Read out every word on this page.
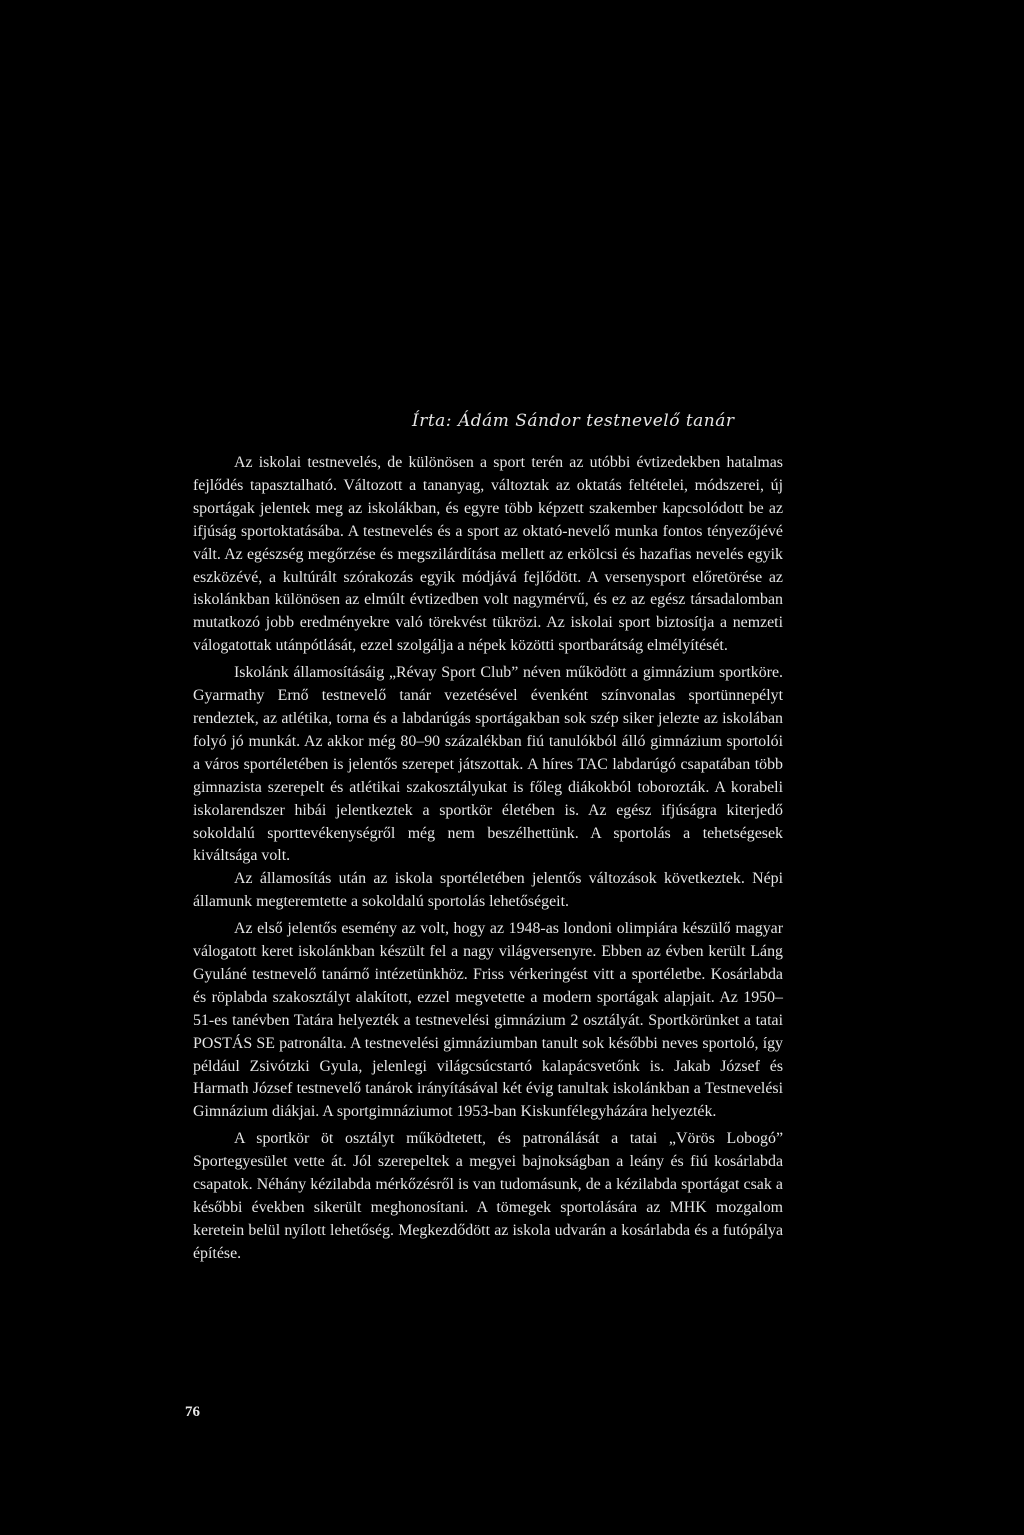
Írta: Ádám Sándor testnevelő tanár

Az iskolai testnevelés, de különösen a sport terén az utóbbi évtizedekben hatalmas fejlődés tapasztalható. Változott a tananyag, változtak az oktatás feltételei, módszerei, új sportágak jelentek meg az iskolákban, és egyre több képzett szakember kapcsolódott be az ifjúság sportoktatásába. A testnevelés és a sport az oktató-nevelő munka fontos tényezőjévé vált. Az egészség megőrzése és megszilárdítása mellett az erkölcsi és hazafias nevelés egyik eszközévé, a kultúrált szórakozás egyik módjává fejlődött. A versenysport előretörése az iskolánkban különösen az elmúlt évtizedben volt nagymérvű, és ez az egész társadalomban mutatkozó jobb eredményekre való törekvést tükrözi. Az iskolai sport biztosítja a nemzeti válogatottak utánpótlását, ezzel szolgálja a népek közötti sportbarátság elmélyítését.

Iskolánk államosításáig „Révay Sport Club” néven működött a gimnázium sportköre. Gyarmathy Ernő testnevelő tanár vezetésével évenként színvonalas sportünnepélyt rendeztek, az atlétika, torna és a labdarúgás sportágakban sok szép siker jelezte az iskolában folyó jó munkát. Az akkor még 80–90 százalékban fiú tanulókból álló gimnázium sportolói a város sportéletében is jelentős szerepet játszottak. A híres TAC labdarúgó csapatában több gimnazista szerepelt és atlétikai szakosztályukat is főleg diákokból toborozták. A korabeli iskolarendszer hibái jelentkeztek a sportkör életében is. Az egész ifjúságra kiterjedő sokoldalú sporttevékenységről még nem beszélhettünk. A sportolás a tehetségesek kiváltsága volt.

Az államosítás után az iskola sportéletében jelentős változások következtek. Népi államunk megteremtette a sokoldalú sportolás lehetőségeit.

Az első jelentős esemény az volt, hogy az 1948-as londoni olimpiára készülő magyar válogatott keret iskolánkban készült fel a nagy világversenyre. Ebben az évben került Láng Gyuláné testnevelő tanárnő intézetünkhöz. Friss vérkeringést vitt a sportéletbe. Kosárlabda és röplabda szakosztályt alakított, ezzel megvetette a modern sportágak alapjait. Az 1950–51-es tanévben Tatára helyezték a testnevelési gimnázium 2 osztályát. Sportkörünket a tatai POSTÁS SE patronálta. A testnevelési gimnáziumban tanult sok későbbi neves sportoló, így például Zsivótzki Gyula, jelenlegi világcsúcstartó kalapácsvetőnk is. Jakab József és Harmath József testnevelő tanárok irányításával két évig tanultak iskolánkban a Testnevelési Gimnázium diákjai. A sportgimnáziumot 1953-ban Kiskunfélegyházára helyezték.

A sportkör öt osztályt működtetett, és patronálását a tatai „Vörös Lobogó” Sportegyesület vette át. Jól szerepeltek a megyei bajnokságban a leány és fiú kosárlabda csapatok. Néhány kézilabda mérkőzésről is van tudomásunk, de a kézilabda sportágat csak a későbbi években sikerült meghonosítani. A tömegek sportolására az MHK mozgalom keretein belül nyílott lehetőség. Megkezdődött az iskola udvarán a kosárlabda és a futópálya építése.

76
